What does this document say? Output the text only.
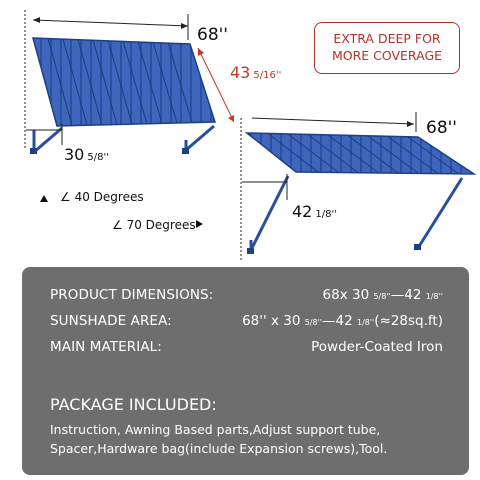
68''
30 5/8''
43 5/16''
∠ 40 Degrees
68''
42 1/8''
∠ 70 Degrees
EXTRA DEEP FOR
MORE COVERAGE
PRODUCT DIMENSIONS:	68x 30 5/8''—42 1/8''
SUNSHADE AREA:	68'' x 30 5/8''—42 1/8''(≈28sq.ft)
MAIN MATERIAL:	Powder-Coated Iron
PACKAGE INCLUDED:
Instruction, Awning Based parts,Adjust support tube, Spacer,Hardware bag(include Expansion screws),Tool.
